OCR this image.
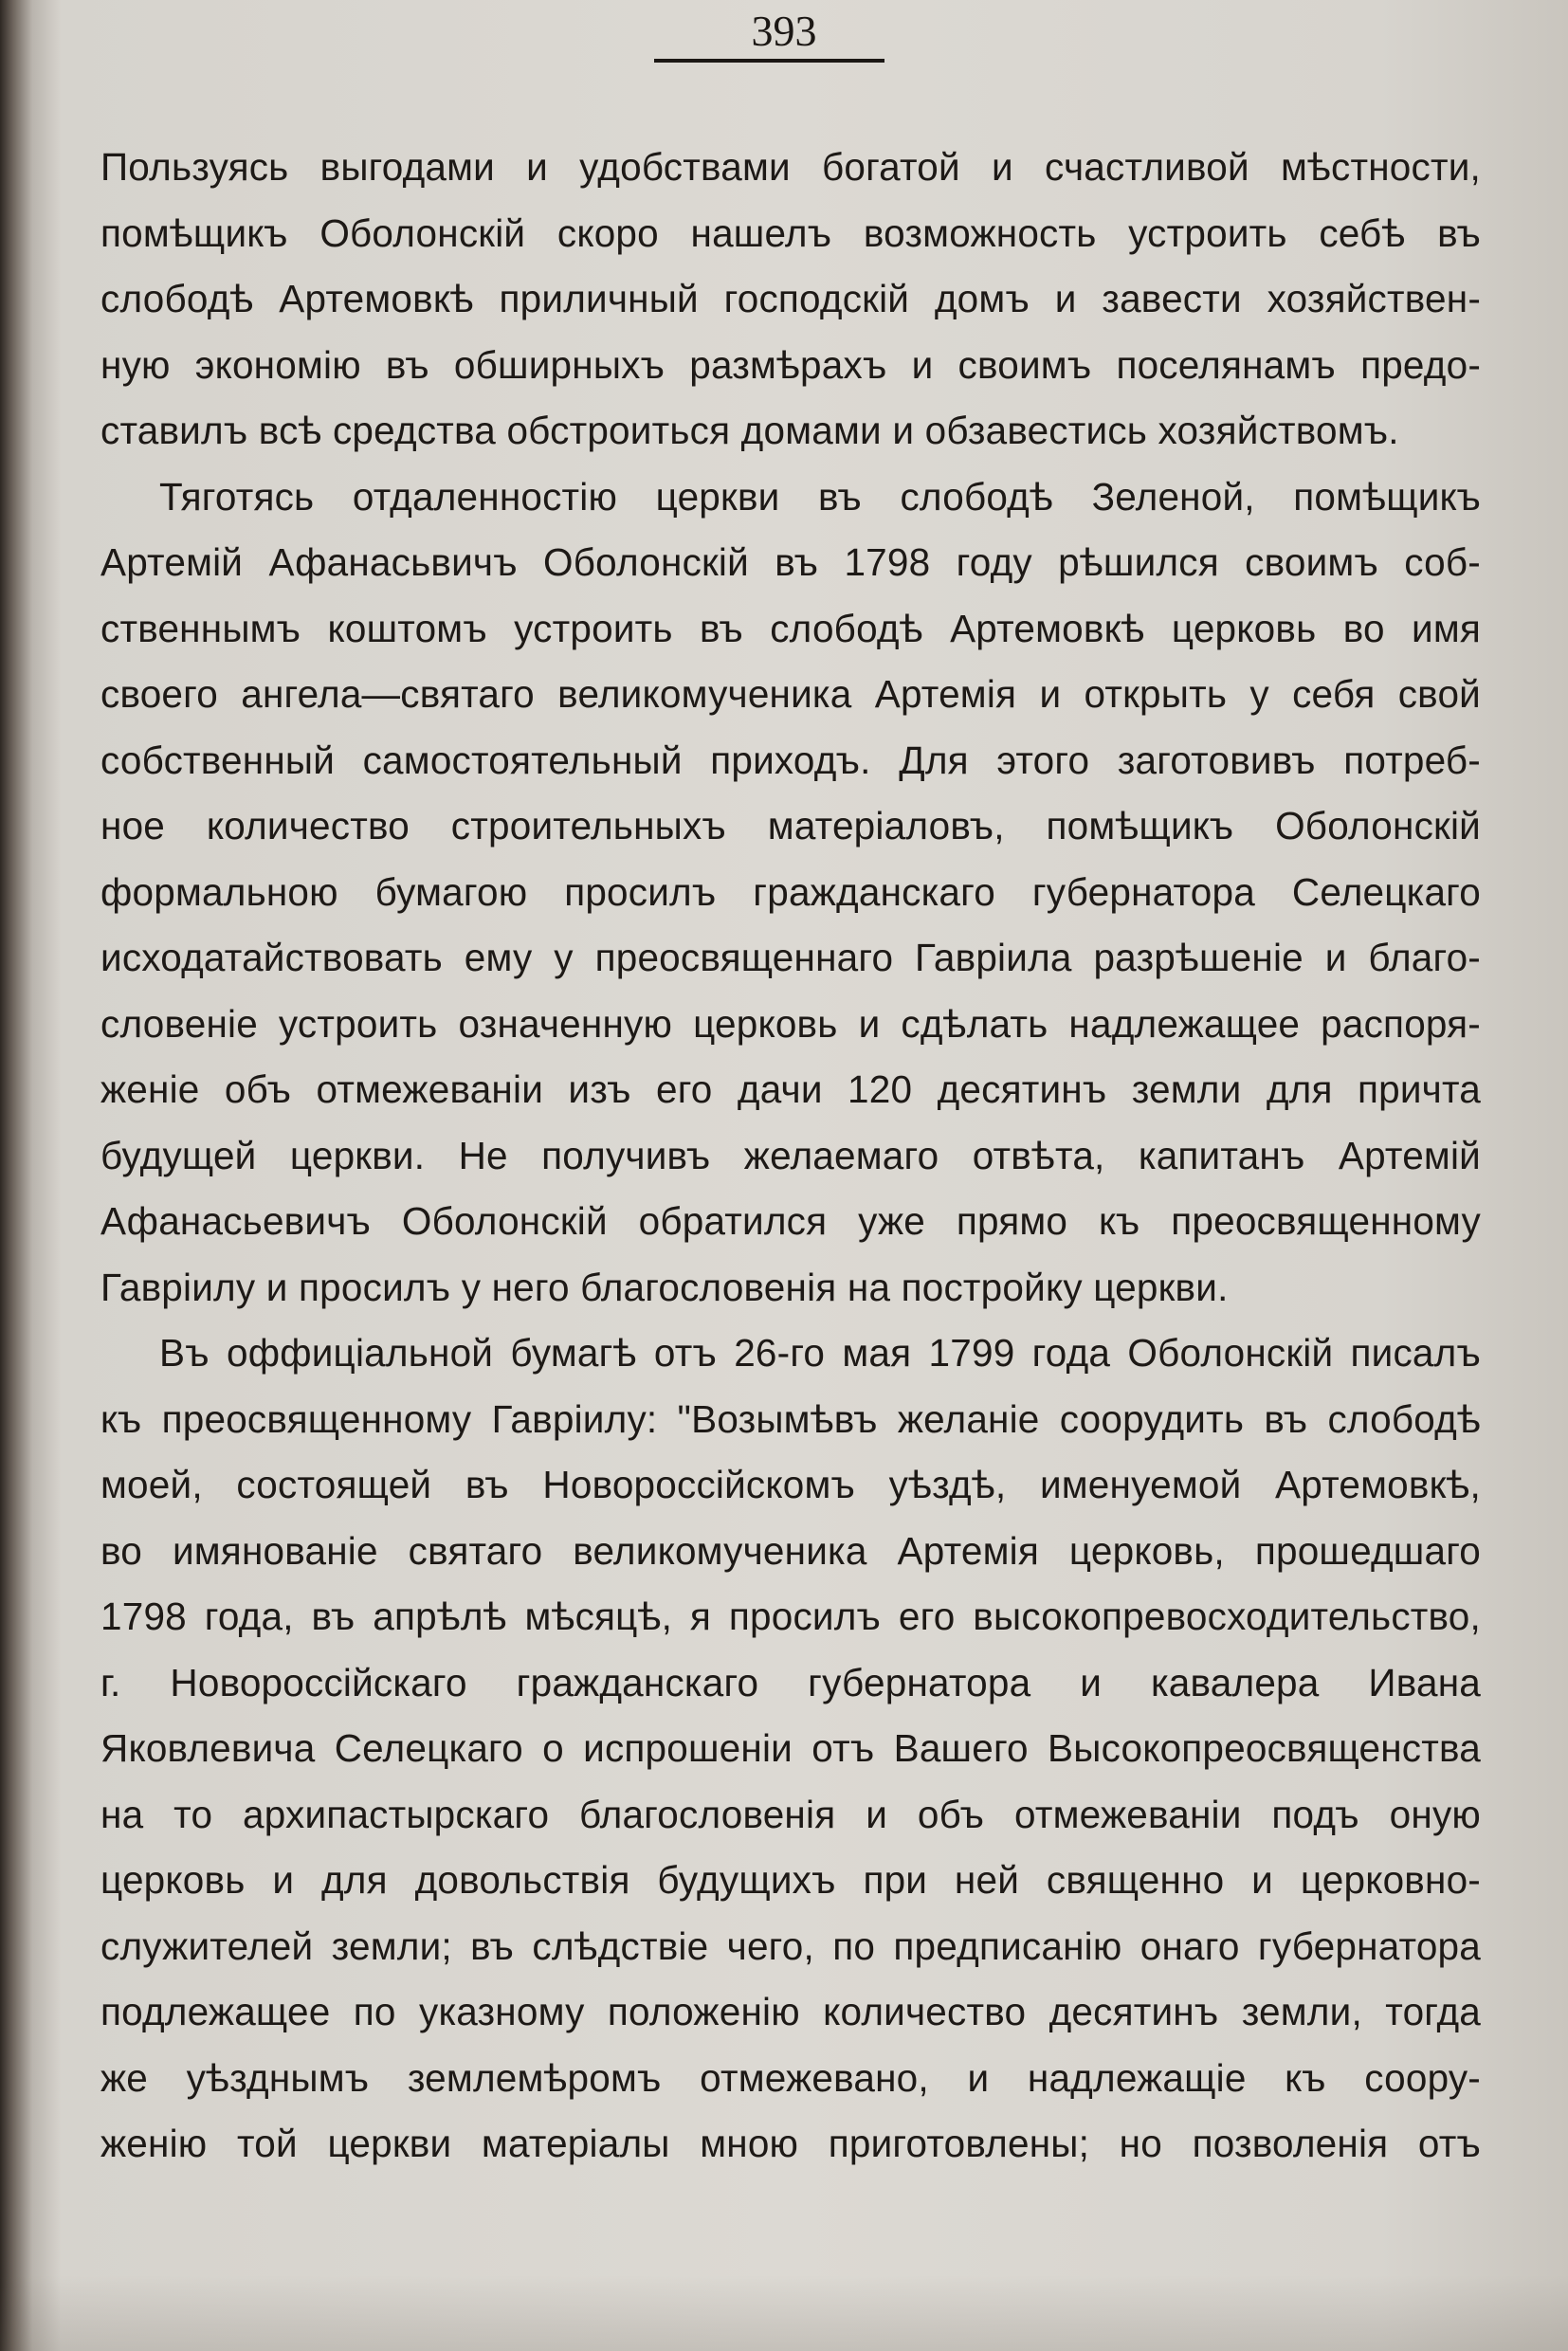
393
Пользуясь выгодами и удобствами богатой и счастливой мѣстности,
помѣщикъ Оболонскій скоро нашелъ возможность устроить себѣ въ
слободѣ Артемовкѣ приличный господскій домъ и завести хозяйствен-
ную экономію въ обширныхъ размѣрахъ и своимъ поселянамъ предо-
ставилъ всѣ средства обстроиться домами и обзавестись хозяйствомъ.
Тяготясь отдаленностію церкви въ слободѣ Зеленой, помѣщикъ
Артемій Афанасьвичъ Оболонскій въ 1798 году рѣшился своимъ соб-
ственнымъ коштомъ устроить въ слободѣ Артемовкѣ церковь во имя
своего ангела—святаго великомученика Артемія и открыть у себя свой
собственный самостоятельный приходъ. Для этого заготовивъ потреб-
ное количество строительныхъ матеріаловъ, помѣщикъ Оболонскій
формальною бумагою просилъ гражданскаго губернатора Селецкаго
исходатайствовать ему у преосвященнаго Гавріила разрѣшеніе и благо-
словеніе устроить означенную церковь и сдѣлать надлежащее распоря-
женіе объ отмежеваніи изъ его дачи 120 десятинъ земли для причта
будущей церкви. Не получивъ желаемаго отвѣта, капитанъ Артемій
Афанасьевичъ Оболонскій обратился уже прямо къ преосвященному
Гавріилу и просилъ у него благословенія на постройку церкви.
Въ оффиціальной бумагѣ отъ 26-го мая 1799 года Оболонскій писалъ
къ преосвященному Гавріилу: "Возымѣвъ желаніе соорудить въ слободѣ
моей, состоящей въ Новороссійскомъ уѣздѣ, именуемой Артемовкѣ,
во имянованіе святаго великомученика Артемія церковь, прошедшаго
1798 года, въ апрѣлѣ мѣсяцѣ, я просилъ его высокопревосходительство,
г. Новороссійскаго гражданскаго губернатора и кавалера Ивана
Яковлевича Селецкаго о испрошеніи отъ Вашего Высокопреосвященства
на то архипастырскаго благословенія и объ отмежеваніи подъ оную
церковь и для довольствія будущихъ при ней священно и церковно-
служителей земли; въ слѣдствіе чего, по предписанію онаго губернатора
подлежащее по указному положенію количество десятинъ земли, тогда
же уѣзднымъ землемѣромъ отмежевано, и надлежащіе къ соору-
женію той церкви матеріалы мною приготовлены; но позволенія отъ
